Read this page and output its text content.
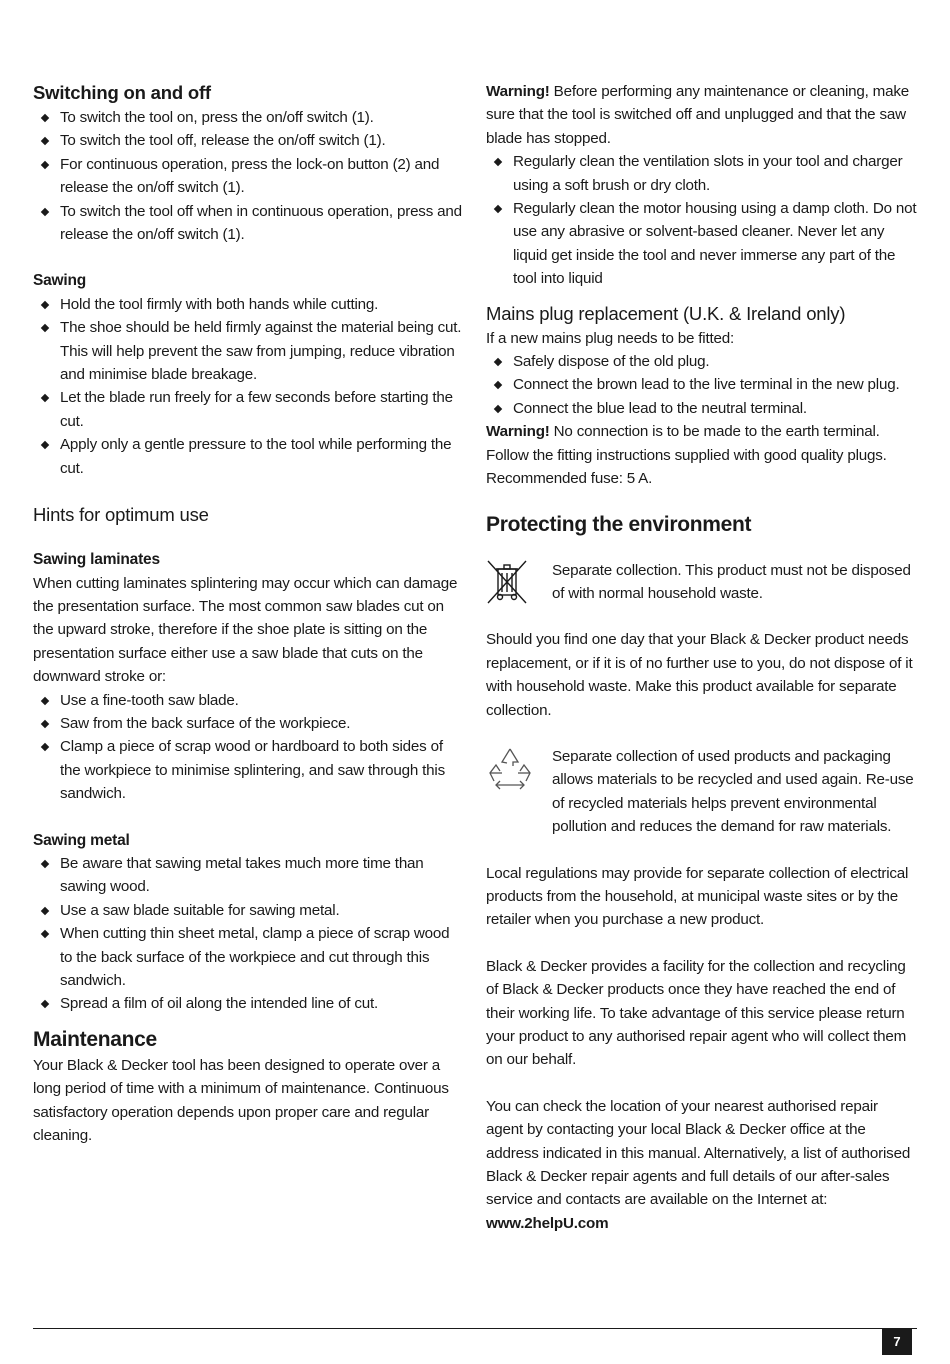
Switching on and off
To switch the tool on, press the on/off switch (1).
To switch the tool off, release the on/off switch (1).
For continuous operation, press the lock-on button (2) and release the on/off switch (1).
To switch the tool off when in continuous operation, press and release the on/off switch (1).
Sawing
Hold the tool firmly with both hands while cutting.
The shoe should be held firmly against the material being cut. This will help prevent the saw from jumping, reduce vibration and minimise blade breakage.
Let the blade run freely for a few seconds before starting the cut.
Apply only a gentle pressure to the tool while performing the cut.
Hints for optimum use
Sawing laminates

When cutting laminates splintering may occur which can damage the presentation surface. The most common saw blades cut on the upward stroke, therefore if the shoe plate is sitting on the presentation surface either use a saw blade that cuts on the downward stroke or:

Use a fine-tooth saw blade.
Saw from the back surface of the workpiece.
Clamp a piece of scrap wood or hardboard to both sides of the workpiece to minimise splintering, and saw through this sandwich.
Sawing metal
Be aware that sawing metal takes much more time than sawing wood.
Use a saw blade suitable for sawing metal.
When cutting thin sheet metal, clamp a piece of scrap wood to the back surface of the workpiece and cut through this sandwich.
Spread a film of oil along the intended line of cut.
Maintenance

Your Black & Decker tool has been designed to operate over a long period of time with a minimum of maintenance. Continuous satisfactory operation depends upon proper care and regular cleaning.

Warning! Before performing any maintenance or cleaning, make sure that the tool is switched off and unplugged and that the saw blade has stopped.

Regularly clean the ventilation slots in your tool and charger using a soft brush or dry cloth.
Regularly clean the motor housing using a damp cloth. Do not use any abrasive or solvent-based cleaner. Never let any liquid get inside the tool and never immerse any part of the tool into liquid
Mains plug replacement (U.K. & Ireland only)

If a new mains plug needs to be fitted:

Safely dispose of the old plug.
Connect the brown lead to the live terminal in the new plug.
Connect the blue lead to the neutral terminal.

Warning! No connection is to be made to the earth terminal. Follow the fitting instructions supplied with good quality plugs. Recommended fuse: 5 A.

Protecting the environment

Separate collection. This product must not be disposed of with normal household waste.

Should you find one day that your Black & Decker product needs replacement, or if it is of no further use to you, do not dispose of it with household waste. Make this product available for separate collection.

Separate collection of used products and packaging allows materials to be recycled and used again. Re-use of recycled materials helps prevent environmental pollution and reduces the demand for raw materials.

Local regulations may provide for separate collection of electrical products from the household, at municipal waste sites or by the retailer when you purchase a new product.

Black & Decker provides a facility for the collection and recycling of Black & Decker products once they have reached the end of their working life. To take advantage of this service please return your product to any authorised repair agent who will collect them on our behalf.

You can check the location of your nearest authorised repair agent by contacting your local Black & Decker office at the address indicated in this manual. Alternatively, a list of authorised Black & Decker repair agents and full details of our after-sales service and contacts are available on the Internet at: www.2helpU.com

7
